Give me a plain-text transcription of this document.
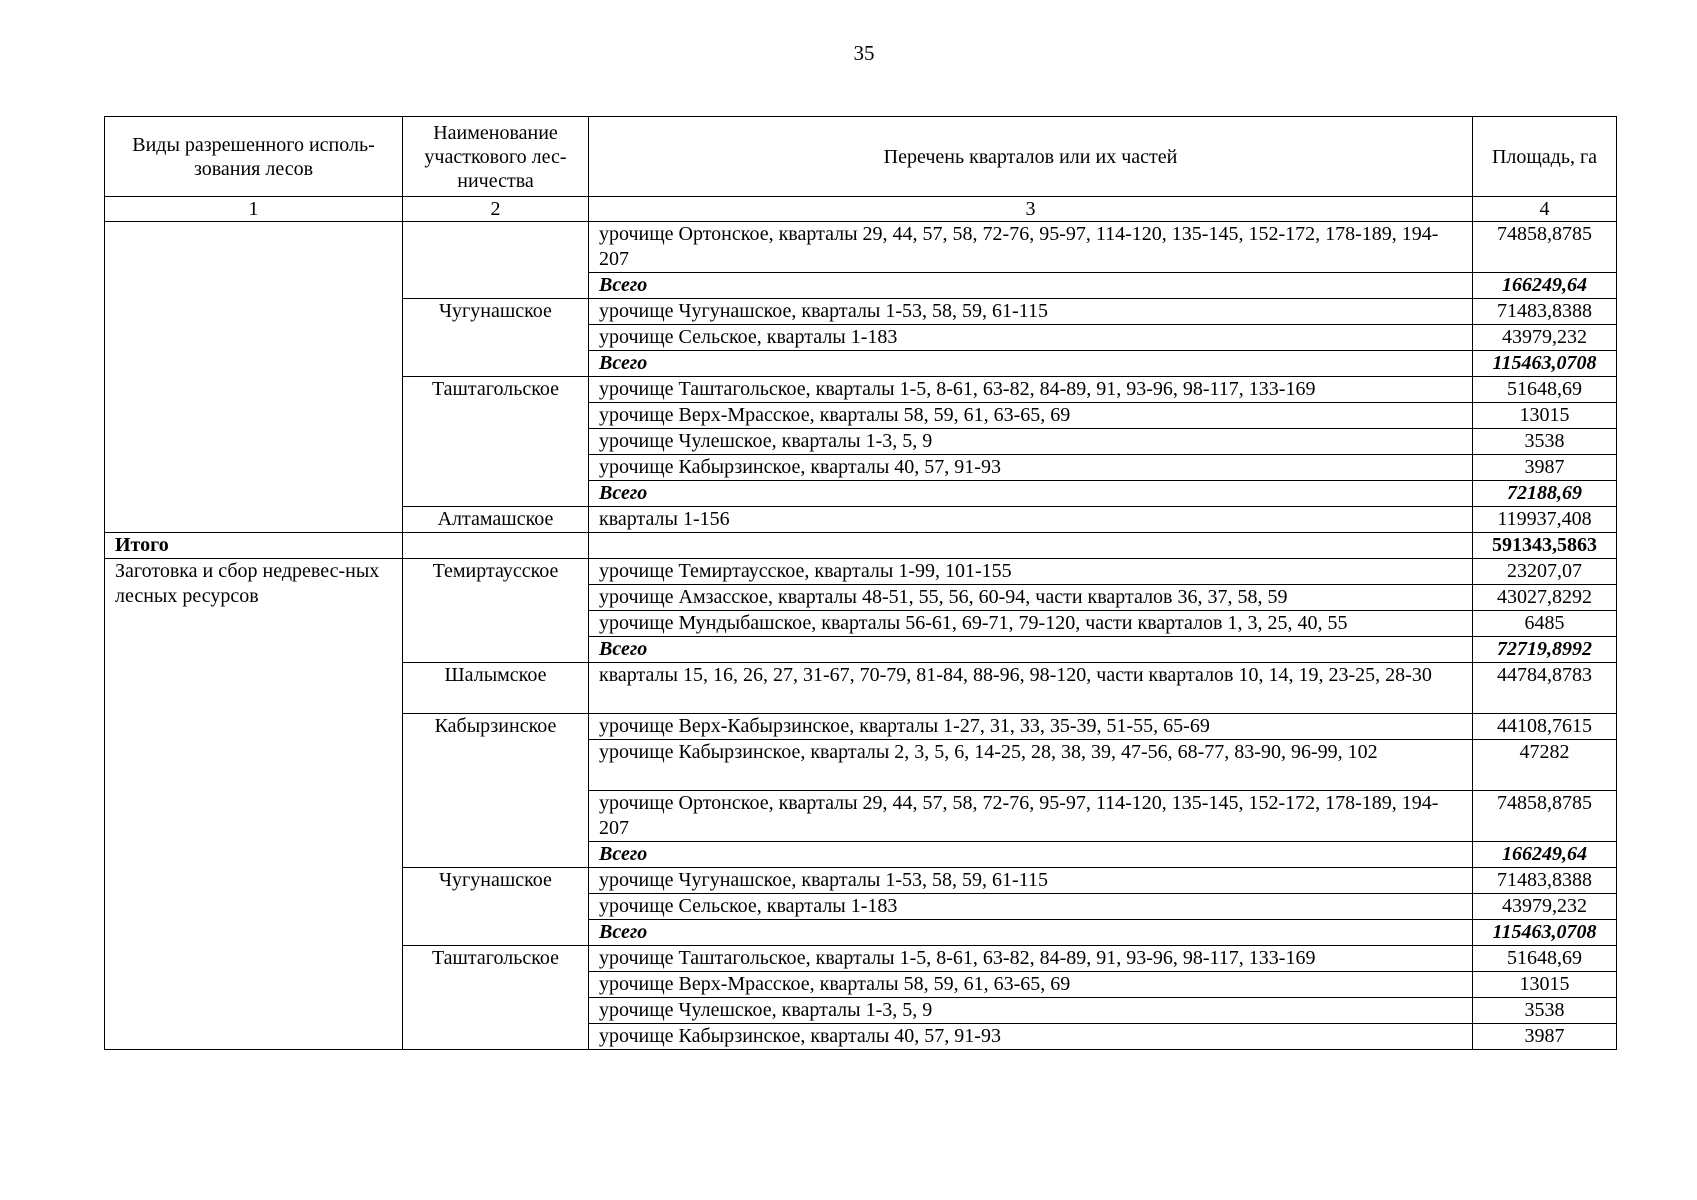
35
Виды разрешенного исполь-зования лесов	Наименование участкового лес-ничества	Перечень кварталов или их частей	Площадь, га
1	2	3	4
		урочище Ортонское, кварталы 29, 44, 57, 58, 72-76, 95-97, 114-120, 135-145, 152-172, 178-189, 194-207	74858,8785
		Всего	166249,64
	Чугунашское	урочище Чугунашское, кварталы 1-53, 58, 59, 61-115	71483,8388
		урочище Сельское, кварталы 1-183	43979,232
		Всего	115463,0708
	Таштагольское	урочище Таштагольское, кварталы 1-5, 8-61, 63-82, 84-89, 91, 93-96, 98-117, 133-169	51648,69
		урочище Верх-Мрасское, кварталы 58, 59, 61, 63-65, 69	13015
		урочище Чулешское, кварталы 1-3, 5, 9	3538
		урочище Кабырзинское, кварталы 40, 57, 91-93	3987
		Всего	72188,69
	Алтамашское	кварталы 1-156	119937,408
Итого			591343,5863
Заготовка и сбор недревес-ных лесных ресурсов	Темиртаусское	урочище Темиртаусское, кварталы 1-99, 101-155	23207,07
		урочище Амзасское, кварталы 48-51, 55, 56, 60-94, части кварталов 36, 37, 58, 59	43027,8292
		урочище Мундыбашское, кварталы 56-61, 69-71, 79-120, части кварталов 1, 3, 25, 40, 55	6485
		Всего	72719,8992
	Шалымское	кварталы 15, 16, 26, 27, 31-67, 70-79, 81-84, 88-96, 98-120, части кварталов 10, 14, 19, 23-25, 28-30	44784,8783
	Кабырзинское	урочище Верх-Кабырзинское, кварталы 1-27, 31, 33, 35-39, 51-55, 65-69	44108,7615
		урочище Кабырзинское, кварталы 2, 3, 5, 6, 14-25, 28, 38, 39, 47-56, 68-77, 83-90, 96-99, 102	47282
		урочище Ортонское, кварталы 29, 44, 57, 58, 72-76, 95-97, 114-120, 135-145, 152-172, 178-189, 194-207	74858,8785
		Всего	166249,64
	Чугунашское	урочище Чугунашское, кварталы 1-53, 58, 59, 61-115	71483,8388
		урочище Сельское, кварталы 1-183	43979,232
		Всего	115463,0708
	Таштагольское	урочище Таштагольское, кварталы 1-5, 8-61, 63-82, 84-89, 91, 93-96, 98-117, 133-169	51648,69
		урочище Верх-Мрасское, кварталы 58, 59, 61, 63-65, 69	13015
		урочище Чулешское, кварталы 1-3, 5, 9	3538
		урочище Кабырзинское, кварталы 40, 57, 91-93	3987
